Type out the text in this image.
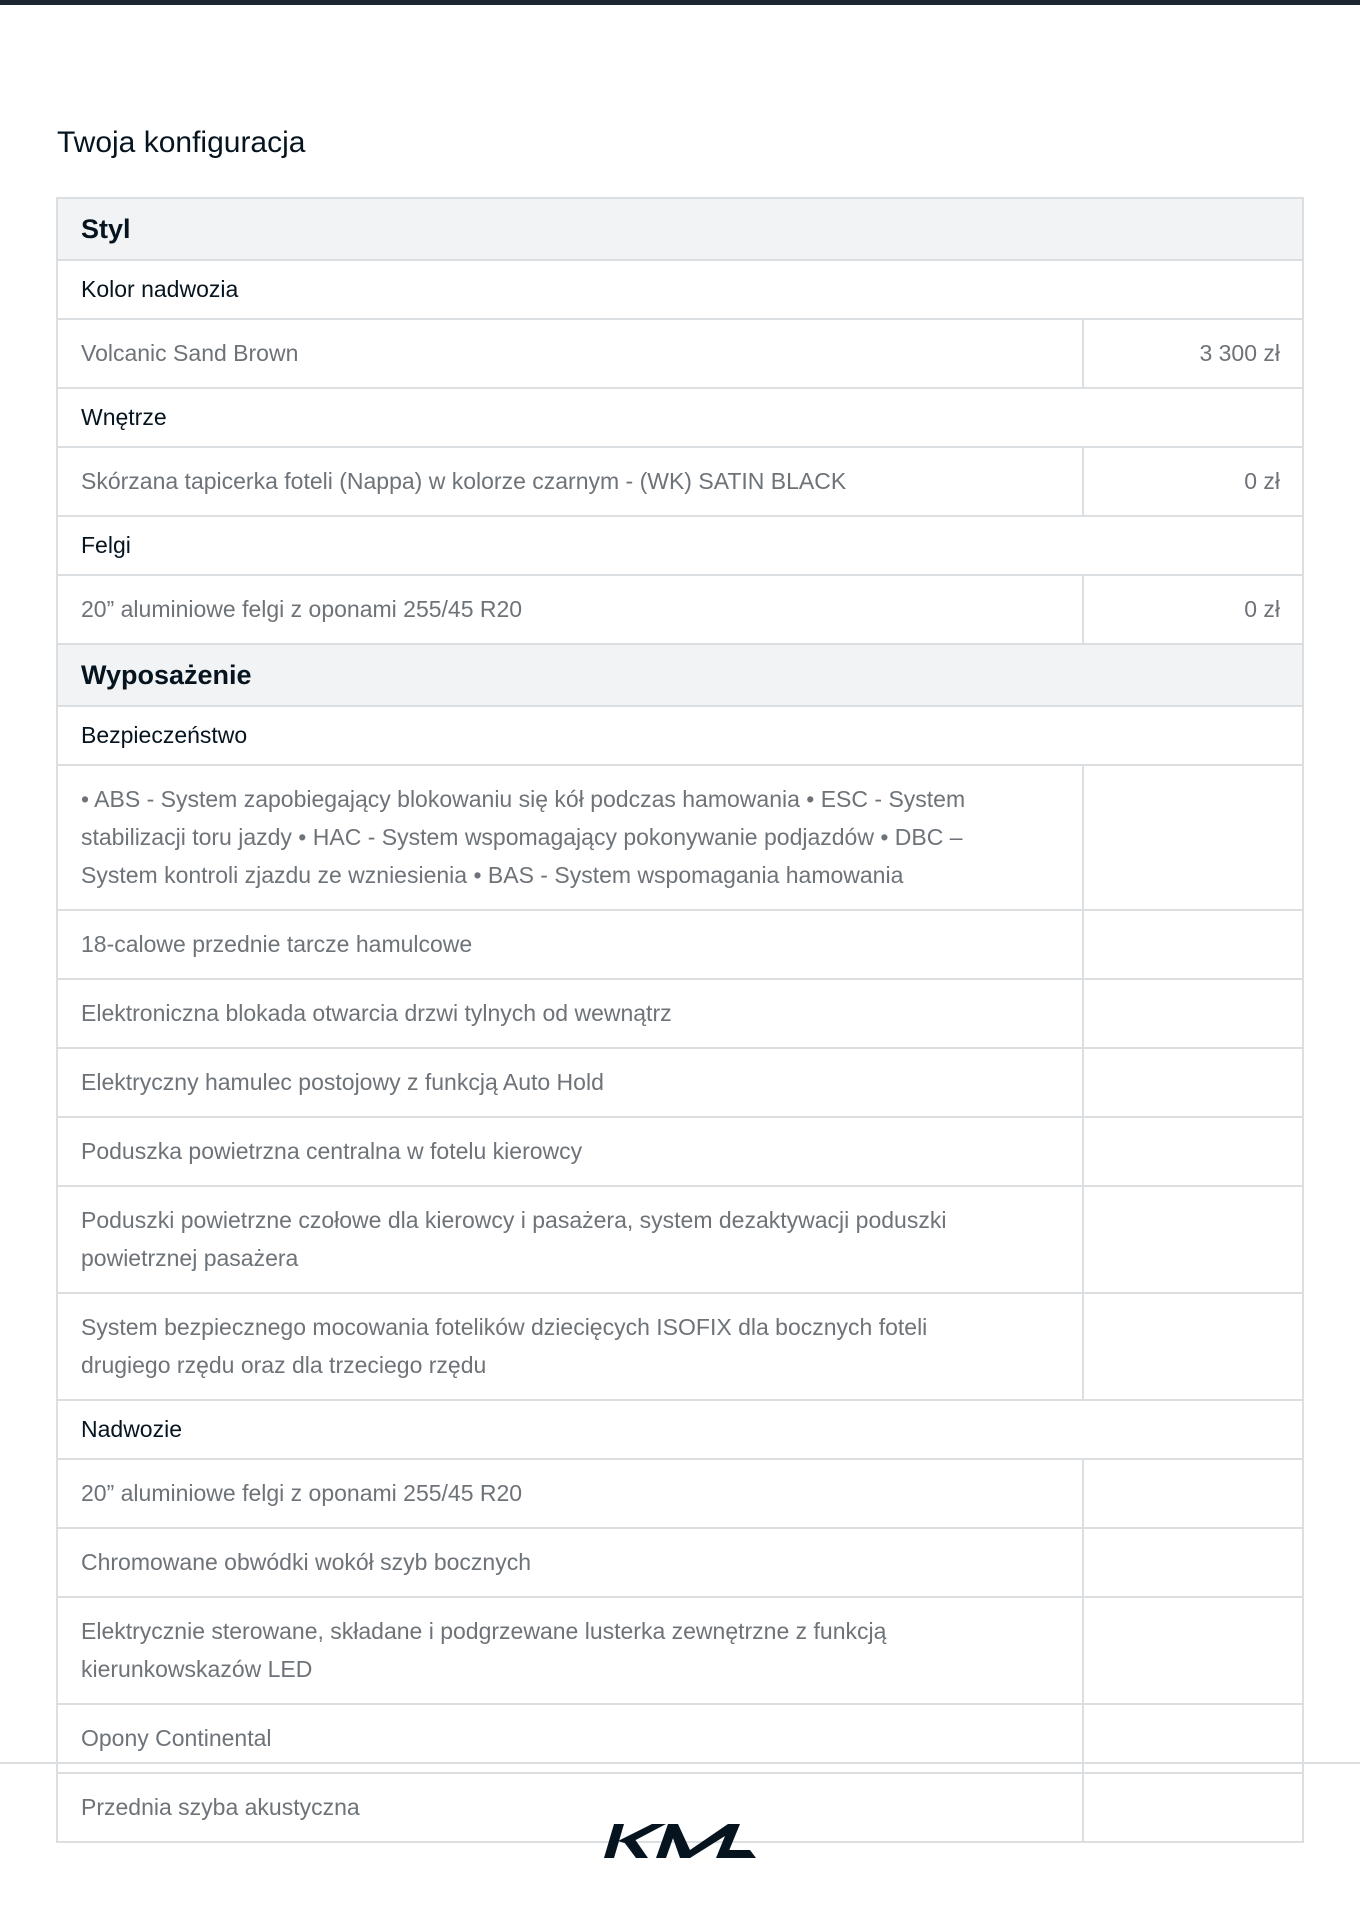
Twoja konfiguracja
Styl
Kolor nadwozia
Volcanic Sand Brown	3 300 zł
Wnętrze
Skórzana tapicerka foteli (Nappa) w kolorze czarnym - (WK) SATIN BLACK	0 zł
Felgi
20” aluminiowe felgi z oponami 255/45 R20	0 zł
Wyposażenie
Bezpieczeństwo
• ABS - System zapobiegający blokowaniu się kół podczas hamowania • ESC - System stabilizacji toru jazdy • HAC - System wspomagający pokonywanie podjazdów • DBC – System kontroli zjazdu ze wzniesienia • BAS - System wspomagania hamowania
18-calowe przednie tarcze hamulcowe
Elektroniczna blokada otwarcia drzwi tylnych od wewnątrz
Elektryczny hamulec postojowy z funkcją Auto Hold
Poduszka powietrzna centralna w fotelu kierowcy
Poduszki powietrzne czołowe dla kierowcy i pasażera, system dezaktywacji poduszki powietrznej pasażera
System bezpiecznego mocowania fotelików dziecięcych ISOFIX dla bocznych foteli drugiego rzędu oraz dla trzeciego rzędu
Nadwozie
20” aluminiowe felgi z oponami 255/45 R20
Chromowane obwódki wokół szyb bocznych
Elektrycznie sterowane, składane i podgrzewane lusterka zewnętrzne z funkcją kierunkowskazów LED
Opony Continental
Przednia szyba akustyczna
